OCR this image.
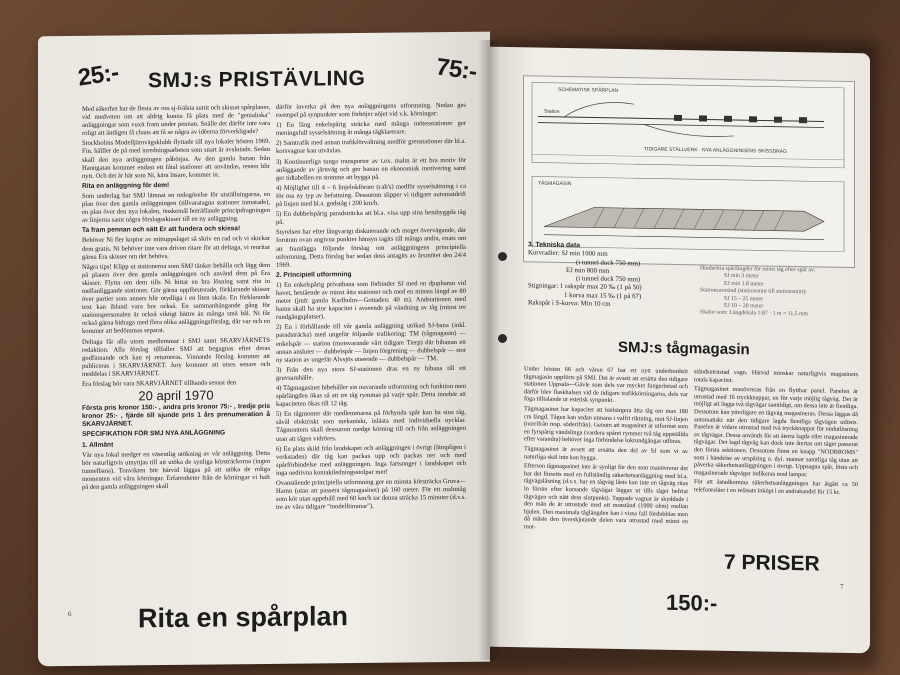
25:-	75:-
SMJ:s PRISTÄVLING

Med säkerhet har de flesta av oss sj-frälsta suttit och skissat spårplaner, vid medveten om att aldrig kunna få plats med de "genialiska" anläggningar som vuxit fram under pennan. Snälle det därför inte vara roligt att äntligen få chans att få se några av idéerna förverkligade?

Stockholms Modelljärnvägsklubb flyttade till nya lokaler hösten 1969. Fin. hålller de på med inredningsarbeten som snart är avslutade. Sedan skall den nya anläggningen påbörjas. Av den gamla banan från Hanngatan kommer endast ett fåtal stationer att användas, resten blir nytt. Och det är här som Ni, kära läsare, kommer in.

Rita en anläggning för dem!

Som underlag har SMJ lämnat en redogörelse för utställningarna, en plan över den gamla anläggningen (tillvaratagna stationer inmatade), en plan över den nya lokalen, önskemål beträffande principdragningen av linjerna samt några förslagsskisser till en ny anläggning.

Ta fram pennan och sätt Er att fundera och skissa!

Behöver Ni fler kopior av mittuppslaget så skriv en rad och vi skickar dem gratis. Ni behöver inte vara driven ritare för att deltaga, vi renritar gärna Era skisser om det behövs.

Några tips! Klipp ut stationerna som SMJ tänker behålla och lägg dem på planen över den gamla anläggningen och använd dem på Era skisser. Flytta om dem tills Ni hittat en bra lösning samt rita in mellanliggande stationer. Gör gärna uppförstorade, förklarande skisser över partier som annars blir otydliga i en liten skala. En förklarande text kan ibland vara bra också. En sammanhängande gång för stationspersonalen är också viktigt bättre än många små bål. Ni får också gärna bidraga med flera olika anläggningsförslag, där var och en kommer att bedömmas separat.

Deltaga får alla utom medlemmar i SMJ samt SKARVJÄRNETS redaktion. Alla förslag tillfaller SMJ att begagnas efter deras godfinnande och kan ej returneras. Vinnande förslag kommer att publiceras i SKARVJÄRNET. Jury kommer att utses senare och meddelas i SKARVJÄRNET.

Era förslag bör vara SKARVJÄRNET tillhanda senast den

20 april 1970

Första pris kronor 150:- , andra pris kronor 75:- , tredje pris kronor 25:- , fjärde till sjunde pris 1 års prenumeration å SKARVJÄRNET.

SPECIFIKATION FÖR SMJ NYA ANLÄGGNING

1. Allmänt

Vår nya lokal medger en väsentlig utökning av vår anläggning. Detta bör naturligtvis utnyttjas till att utöka de synliga körsträckorna (ingen tunnelbana). Tonvikten bör härvid läggas på att utöka de roliga momenten vid våra körningar. Erfarenheter från de körningar vi haft på den gamla anläggningen skall

därför inverka på den nya anläggningens utformning. Nedan ges exempel på synpunkter som förhöjer nöjet vid v.k. körningar:

1) En lång enkelspårig sträcka med många mötesstationer ger meningsfull sysselsättning åt många tågklarerare.

2) Samtrafik med annan trafikförvaltning medför grenstationer där bl.a. korsvagnar kan utväxlas.

3) Kontinuerliga tunga transporter av t.ex. malm är ett bra motiv för anläggande av järnväg och ger banan en ekonomisk motivering samt ger tidtabellen en stomme att bygga på.

4) Möjlighet till 4 – 6 linjelokförare (cab's) medför sysselsättning i ca för oss ny typ av befattning. Dessutom slipper vi tidigare automatdrift på linjen med bl.a. godståg i 200 km/h.

5) En dubbelspårig paradsträcka att bl.a. visa upp sina hembyggda tåg på.

Styrelsen har efter långvarigt diskuterande och moget övervägande, där forutom ovan angivna punkter hänsyn tagits till många andra, enats om att framlägga följande förslag om anläggningens principiella utformning. Detta förslag har sedan dess antagits av årsmötet den 24/4 1969.

2. Principiell utformning

1) En enkelspårig privatbana som förbinder SJ med en djuphamn vid havet, bestående av minst åtta stationer och med en minsta längd av 80 meter (jmfr gamla Karlholm—Gottaden: 40 m). Andstationen med hamn skall ha stor kapacitet i avseende på vändning av tåg (minst tre rundgångsplatser).

2) En i förhållande till vår gamla anläggning utökad SJ-bana (inkl. paradsträcka) med ungefär följande trafikering: TM (tågmagasin) — enkelspår — station (motsvarande vårt tidigare Tierp) där bibanan ett annan ansluter — dubbelspår — linjen förgrening — dubbelspår — stor ny station av ungefär Alvsjös utseende — dubbelspår — TM.

3) Från den nya stora SJ-stationen dras en ny bibana till ett gruvsamhälle.

4) Tågmagasinet bibehåller sin nuvarande utformning och funktion men spårlängden ökas så att tre tåg rymmas på varje spår. Detta innebär att kapaciteten ökas till 12 tåg.

5) En tågmonter där medlemmarna på förhynda spår kan ha sina tåg, såväl elektriskt som mekaniskt, inlästa med individuella nycklar. Tågmontern skall dessutom medge körning till och från anläggningen utan att tågen vidröres.

6) En plats skild från landskapet och anläggningen i övrigt (lämpligen i verkstaden) där tåg kan packas upp och packas ner och med spårförbindelse med anläggningen. Inga fartsonger i landskapet och inga nedrivna kontaktledningsstolpar mer!

Ovanstående principiella utformning ger en minsta körsträcka Gruva—Hamn (utan att passera tågmagasinet) på 160 meter. För ett malmtåg som kör utan uppehåll med 60 km/h tar denna sträcka 15 minuter (d.v.s. tre av våra tidigare "modelltimmar").

Rita en spårplan
6
SCHEMATISK SPÅRPLAN
TIDIGARE STÄLLVERK · NYA ANLÄGGNINGENS SKISSDRAG
TÅGMAGASIN
Station
3. Tekniska data
Kurvradier: SJ min 1000 mm
(i tunnel dock 750 mm)
EJ min 800 mm
(i tunnel dock 750 mm)
Stigningar: 1 rakspår max 20 ‰ (1 på 50)
1 kurva max 15 ‰ (1 på 67)
Rakspår i S-kurva: Min 10 cm
Hinderfria spårlängder för minst tåg efter spår av:
SJ min 3 meter
EJ min 1.8 meter
Stationsavstånd (stationsmitt till stationsmitt):
SJ 15 – 25 meter
EJ 10 – 20 meter
Skalor som: Längdskala 1:87 · 1 m = 11,5 mm
SMJ:s tågmagasin

Under hösten 66 och våren 67 har ett nytt underbordsöt tågmagasin uppförts på SMJ. Det är avsett att ersätta den tidigare stationen Uppsala—Gävle som dels var mycket fungerbetad och därför blev flaskhalsen vid de tidigare trafikkörningarna, dels var föga tilltalande ur estetisk synpunkt.

Tågmagasinet har kapacitet att härbärgera åtta tåg om max 180 cm längd. Tågen kan sedan utmana i valfri riktning, mot SJ-linjen (norrifrån resp. söderifrån). Genom att magasinet är utformat som en fyrspårig vändslinga (vardera spåret rymmer två tåg uppställda efter varandra) behöver inga förbindelse lokrundgångar utföras.

Tågmagasinet är avsett att ersätta den del av SJ som vi av naturliga skäl inte kan bygga.

Efterson tågmagasinet inte är synligt för den som manövrerar det har det försetts med en fullständig säkerhetsanläggning med bl.a. tågvägslåsning (d.v.s. har en tågväg låsts kan inte en tågväg ritas in förrän efter korsande tågvägar läggas ut tills tåget befriat tågvägen och nått dess slutpunkt). Tappade vagnar är skyddade i den mån de är utrustade med ett motstånd (1000 ohm) mellan hjulen. Den maximala tåglängden kan i vissa fall fördubblas men då måste den överskjutande delen vara utrustad med minst en mot-

ståndsutrustad vagn. Härvid minskar naturligtvis magasinets totala kapacitet.

Tågmagasinet manövreras från en flyttbar panel. Panelen är utrustad med 16 tryckknappar, en för varje möjlig tågväg. Det är möjligt att lägga två tågvägar samtidigt, om dessa inte är fientliga. Dessutom kan ytterligare en tågväg magasineras. Dessa läggas då automatiskt när den tidigare lagda fientliga tågvägen utlösts. Panelen är vidare utrustad med två tryckknappar för nödutlösning av tågvägar. Dessa används för att återta lagda eller magasinerade tågvägar. Det lagd tågväg kan dock inte återtas om tåget passerat den första sektionen. Dessutom finns en knapp "NODBROMS" som i händelse av urspåring o. dyl. stannar samtliga tåg utan att påverka säkerhetsanläggningen i övrigt. Uppsagna spår, lösta och magasinerade tågvägar indikeras med lampor.

För att åstadkomma säkerhetsanläggningen har åtgått ca 50 telefonreläer i en reläsats inköpt i en andrahandel för 15 kr.

7 PRISER
150:-
7
